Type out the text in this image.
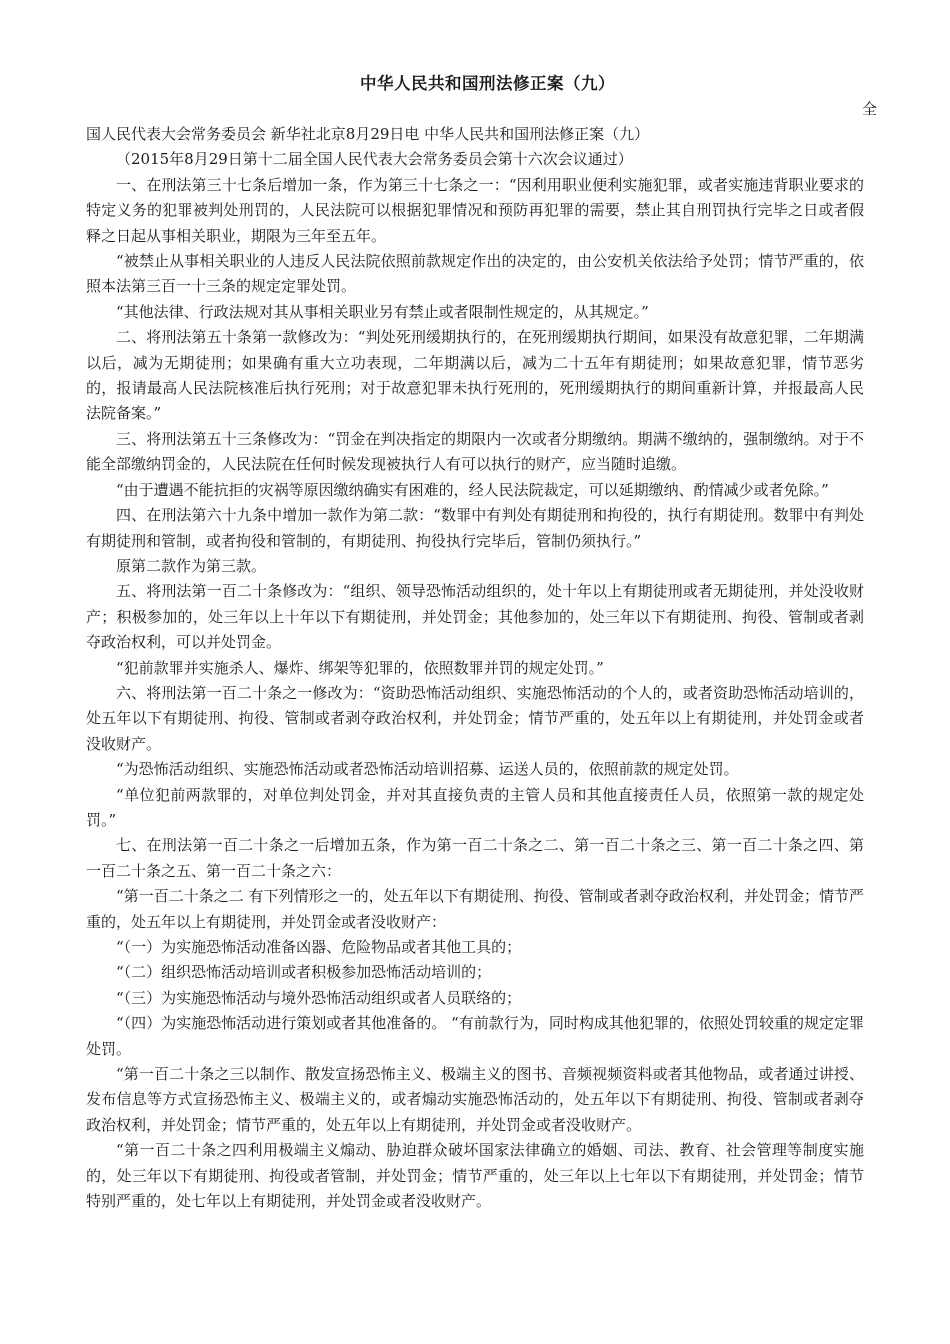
中华人民共和国刑法修正案（九）
全

国人民代表大会常务委员会 新华社北京8月29日电 中华人民共和国刑法修正案（九）

（2015年8月29日第十二届全国人民代表大会常务委员会第十六次会议通过）

一、在刑法第三十七条后增加一条，作为第三十七条之一：“因利用职业便利实施犯罪，或者实施违背职业要求的特定义务的犯罪被判处刑罚的，人民法院可以根据犯罪情况和预防再犯罪的需要，禁止其自刑罚执行完毕之日或者假释之日起从事相关职业，期限为三年至五年。

“被禁止从事相关职业的人违反人民法院依照前款规定作出的决定的，由公安机关依法给予处罚；情节严重的，依照本法第三百一十三条的规定定罪处罚。

“其他法律、行政法规对其从事相关职业另有禁止或者限制性规定的，从其规定。”

二、将刑法第五十条第一款修改为：“判处死刑缓期执行的，在死刑缓期执行期间，如果没有故意犯罪，二年期满以后，减为无期徒刑；如果确有重大立功表现，二年期满以后，减为二十五年有期徒刑；如果故意犯罪，情节恶劣的，报请最高人民法院核准后执行死刑；对于故意犯罪未执行死刑的，死刑缓期执行的期间重新计算，并报最高人民法院备案。”

三、将刑法第五十三条修改为：“罚金在判决指定的期限内一次或者分期缴纳。期满不缴纳的，强制缴纳。对于不能全部缴纳罚金的，人民法院在任何时候发现被执行人有可以执行的财产，应当随时追缴。

“由于遭遇不能抗拒的灾祸等原因缴纳确实有困难的，经人民法院裁定，可以延期缴纳、酌情减少或者免除。”

四、在刑法第六十九条中增加一款作为第二款：“数罪中有判处有期徒刑和拘役的，执行有期徒刑。数罪中有判处有期徒刑和管制，或者拘役和管制的，有期徒刑、拘役执行完毕后，管制仍须执行。”

原第二款作为第三款。

五、将刑法第一百二十条修改为：“组织、领导恐怖活动组织的，处十年以上有期徒刑或者无期徒刑，并处没收财产；积极参加的，处三年以上十年以下有期徒刑，并处罚金；其他参加的，处三年以下有期徒刑、拘役、管制或者剥夺政治权利，可以并处罚金。

“犯前款罪并实施杀人、爆炸、绑架等犯罪的，依照数罪并罚的规定处罚。”

六、将刑法第一百二十条之一修改为：“资助恐怖活动组织、实施恐怖活动的个人的，或者资助恐怖活动培训的，处五年以下有期徒刑、拘役、管制或者剥夺政治权利，并处罚金；情节严重的，处五年以上有期徒刑，并处罚金或者没收财产。

“为恐怖活动组织、实施恐怖活动或者恐怖活动培训招募、运送人员的，依照前款的规定处罚。

“单位犯前两款罪的，对单位判处罚金，并对其直接负责的主管人员和其他直接责任人员，依照第一款的规定处罚。”

七、在刑法第一百二十条之一后增加五条，作为第一百二十条之二、第一百二十条之三、第一百二十条之四、第一百二十条之五、第一百二十条之六：

“第一百二十条之二 有下列情形之一的，处五年以下有期徒刑、拘役、管制或者剥夺政治权利，并处罚金；情节严重的，处五年以上有期徒刑，并处罚金或者没收财产：

“（一）为实施恐怖活动准备凶器、危险物品或者其他工具的；

“（二）组织恐怖活动培训或者积极参加恐怖活动培训的；

“（三）为实施恐怖活动与境外恐怖活动组织或者人员联络的；

“（四）为实施恐怖活动进行策划或者其他准备的。 “有前款行为，同时构成其他犯罪的，依照处罚较重的规定定罪处罚。

“第一百二十条之三以制作、散发宣扬恐怖主义、极端主义的图书、音频视频资料或者其他物品，或者通过讲授、发布信息等方式宣扬恐怖主义、极端主义的，或者煽动实施恐怖活动的，处五年以下有期徒刑、拘役、管制或者剥夺政治权利，并处罚金；情节严重的，处五年以上有期徒刑，并处罚金或者没收财产。

“第一百二十条之四利用极端主义煽动、胁迫群众破坏国家法律确立的婚姻、司法、教育、社会管理等制度实施的，处三年以下有期徒刑、拘役或者管制，并处罚金；情节严重的，处三年以上七年以下有期徒刑，并处罚金；情节特别严重的，处七年以上有期徒刑，并处罚金或者没收财产。
